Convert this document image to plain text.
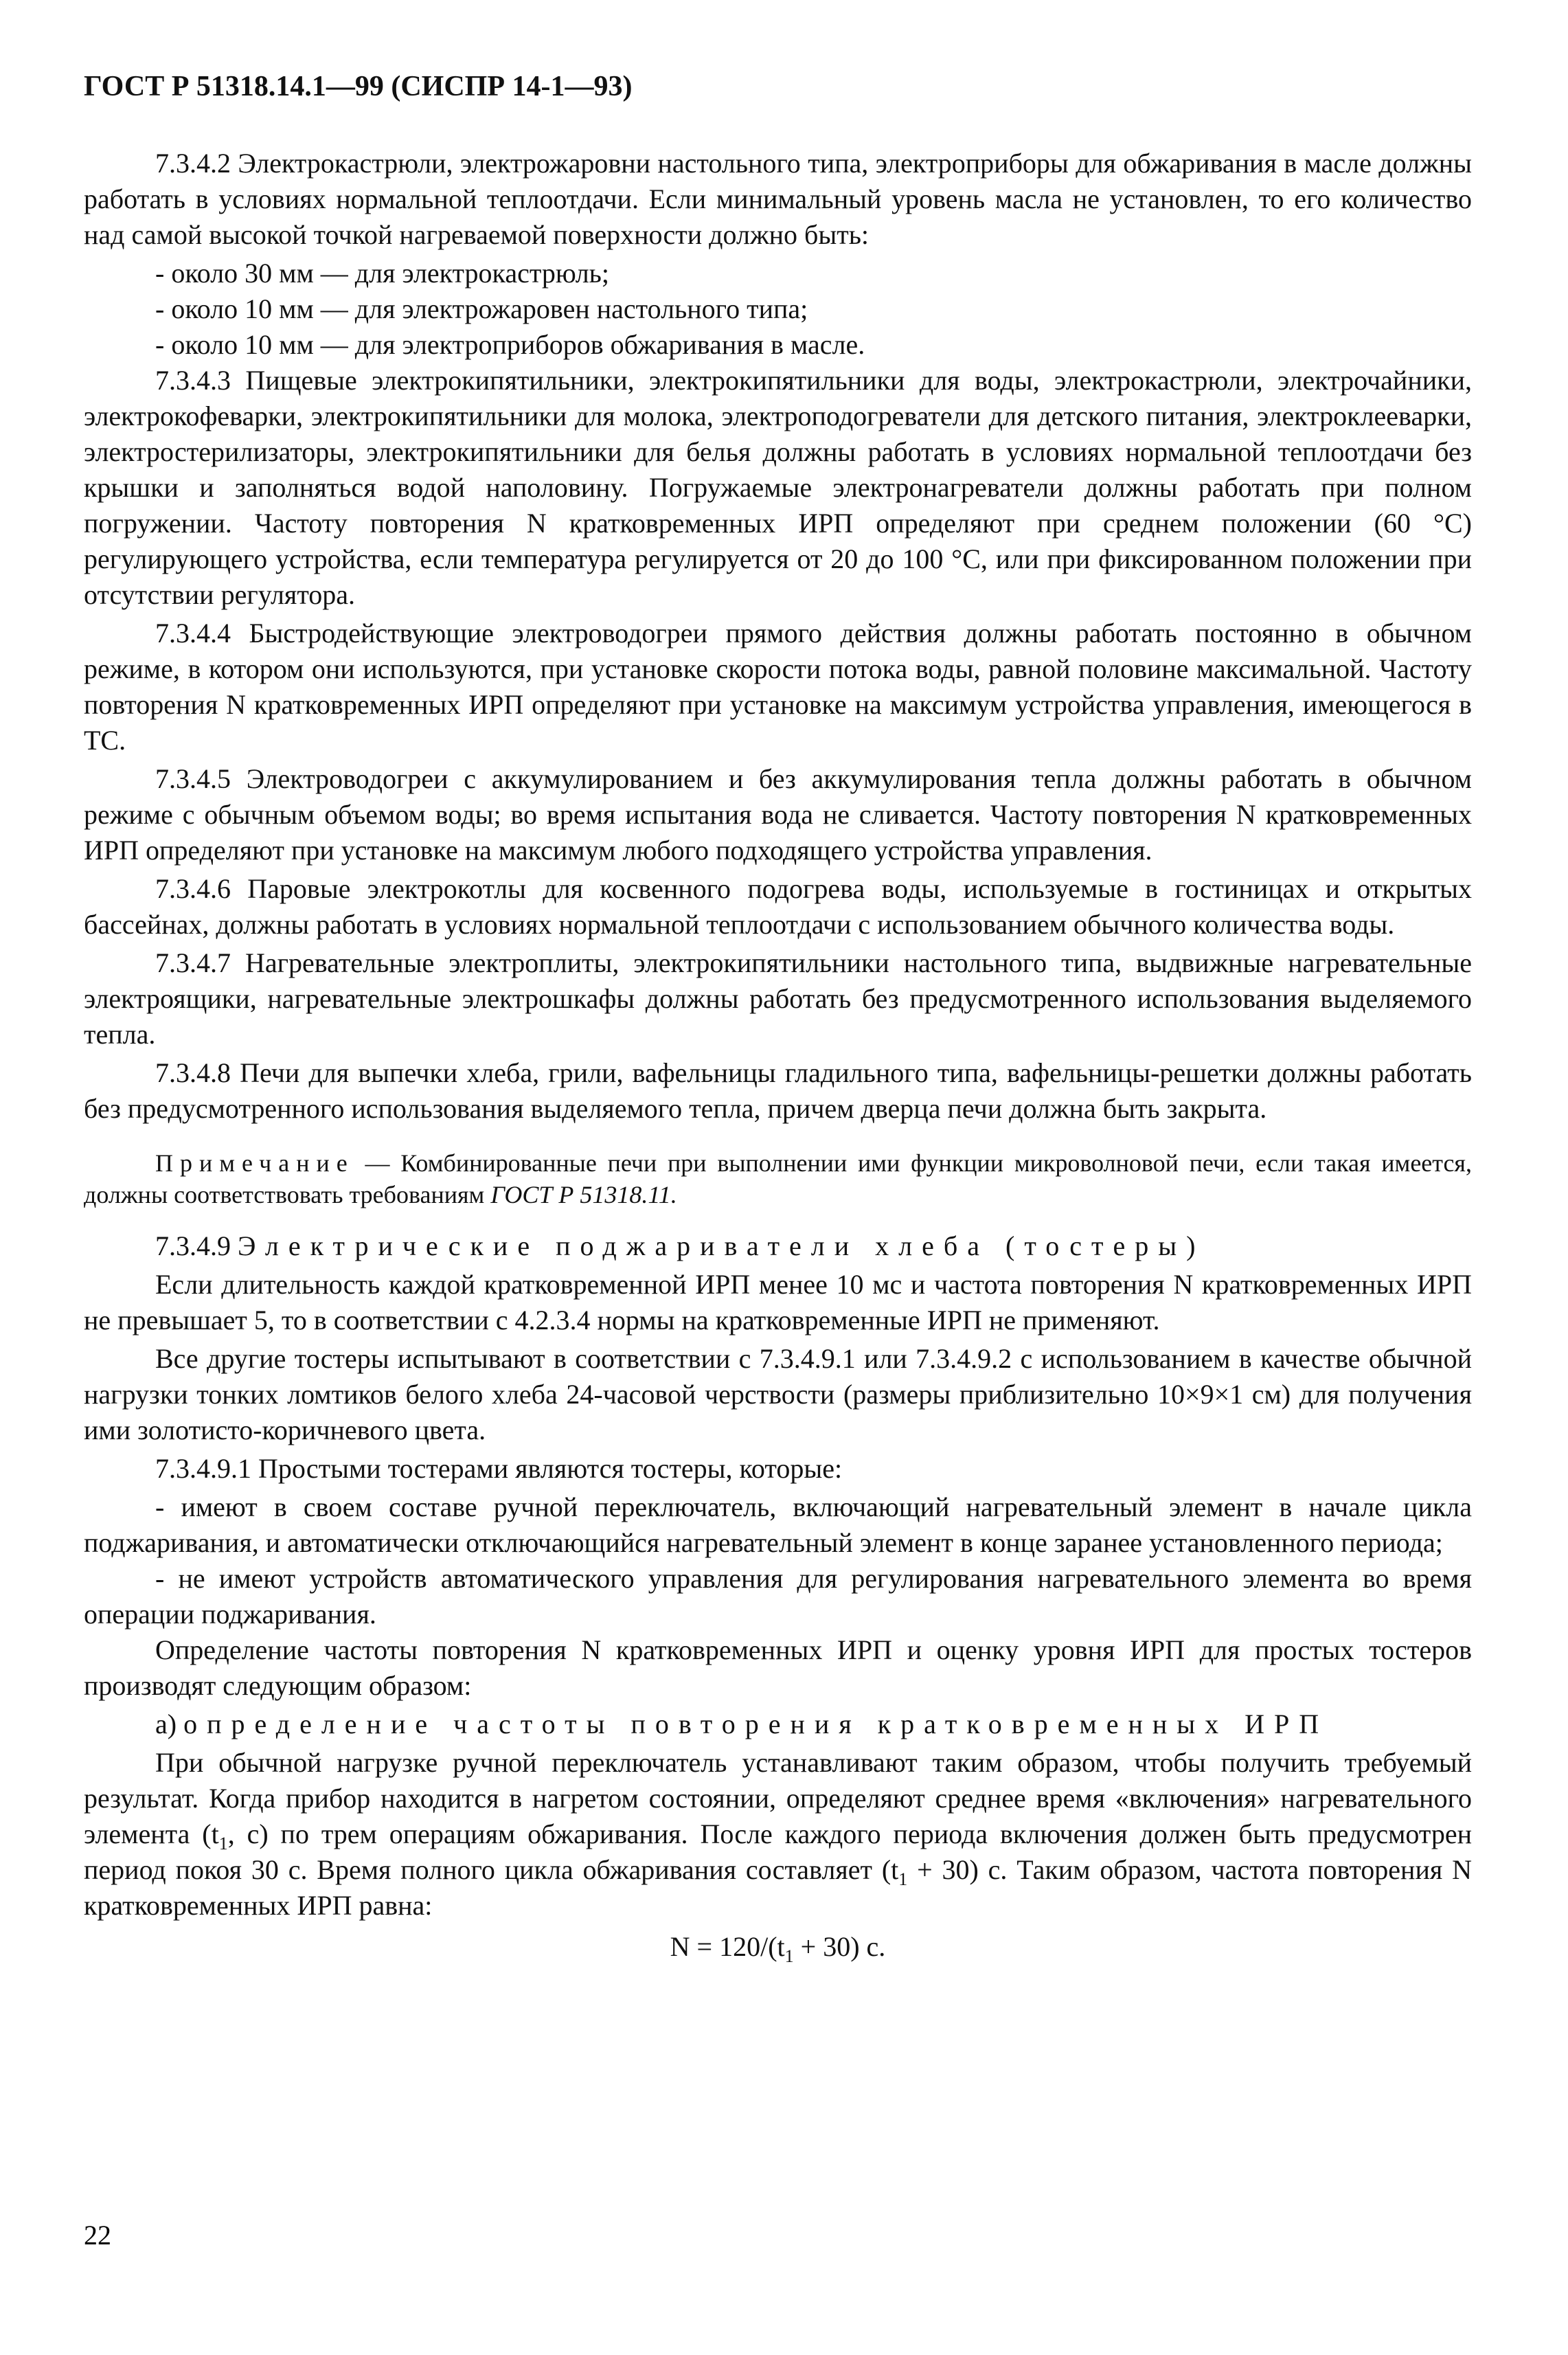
ГОСТ Р 51318.14.1—99 (СИСПР 14-1—93)

7.3.4.2 Электрокастрюли, электрожаровни настольного типа, электроприборы для обжаривания в масле должны работать в условиях нормальной теплоотдачи. Если минимальный уровень масла не установлен, то его количество над самой высокой точкой нагреваемой поверхности должно быть:

- около 30 мм — для электрокастрюль;

- около 10 мм — для электрожаровен настольного типа;

- около 10 мм — для электроприборов обжаривания в масле.

7.3.4.3 Пищевые электрокипятильники, электрокипятильники для воды, электрокастрюли, электрочайники, электрокофеварки, электрокипятильники для молока, электроподогреватели для детского питания, электроклееварки, электростерилизаторы, электрокипятильники для белья должны работать в условиях нормальной теплоотдачи без крышки и заполняться водой наполовину. Погружаемые электронагреватели должны работать при полном погружении. Частоту повторения N кратковременных ИРП определяют при среднем положении (60 °С) регулирующего устройства, если температура регулируется от 20 до 100 °С, или при фиксированном положении при отсутствии регулятора.

7.3.4.4 Быстродействующие электроводогреи прямого действия должны работать постоянно в обычном режиме, в котором они используются, при установке скорости потока воды, равной половине максимальной. Частоту повторения N кратковременных ИРП определяют при установке на максимум устройства управления, имеющегося в ТС.

7.3.4.5 Электроводогреи с аккумулированием и без аккумулирования тепла должны работать в обычном режиме с обычным объемом воды; во время испытания вода не сливается. Частоту повторения N кратковременных ИРП определяют при установке на максимум любого подходящего устройства управления.

7.3.4.6 Паровые электрокотлы для косвенного подогрева воды, используемые в гостиницах и открытых бассейнах, должны работать в условиях нормальной теплоотдачи с использованием обычного количества воды.

7.3.4.7 Нагревательные электроплиты, электрокипятильники настольного типа, выдвижные нагревательные электроящики, нагревательные электрошкафы должны работать без предусмотренного использования выделяемого тепла.

7.3.4.8 Печи для выпечки хлеба, грили, вафельницы гладильного типа, вафельницы-решетки должны работать без предусмотренного использования выделяемого тепла, причем дверца печи должна быть закрыта.

Примечание — Комбинированные печи при выполнении ими функции микроволновой печи, если такая имеется, должны соответствовать требованиям ГОСТ Р 51318.11.

7.3.4.9 Электрические поджариватели хлеба (тостеры)

Если длительность каждой кратковременной ИРП менее 10 мс и частота повторения N кратковременных ИРП не превышает 5, то в соответствии с 4.2.3.4 нормы на кратковременные ИРП не применяют.

Все другие тостеры испытывают в соответствии с 7.3.4.9.1 или 7.3.4.9.2 с использованием в качестве обычной нагрузки тонких ломтиков белого хлеба 24-часовой черствости (размеры приблизительно 10×9×1 см) для получения ими золотисто-коричневого цвета.

7.3.4.9.1 Простыми тостерами являются тостеры, которые:

- имеют в своем составе ручной переключатель, включающий нагревательный элемент в начале цикла поджаривания, и автоматически отключающийся нагревательный элемент в конце заранее установленного периода;

- не имеют устройств автоматического управления для регулирования нагревательного элемента во время операции поджаривания.

Определение частоты повторения N кратковременных ИРП и оценку уровня ИРП для простых тостеров производят следующим образом:

а) определение частоты повторения кратковременных ИРП

При обычной нагрузке ручной переключатель устанавливают таким образом, чтобы получить требуемый результат. Когда прибор находится в нагретом состоянии, определяют среднее время «включения» нагревательного элемента ($t_1$, с) по трем операциям обжаривания. После каждого периода включения должен быть предусмотрен период покоя 30 с. Время полного цикла обжаривания составляет $(t_1 + 30)$ с. Таким образом, частота повторения N кратковременных ИРП равна:

$N = 120/(t_1 + 30)$ с.

22
